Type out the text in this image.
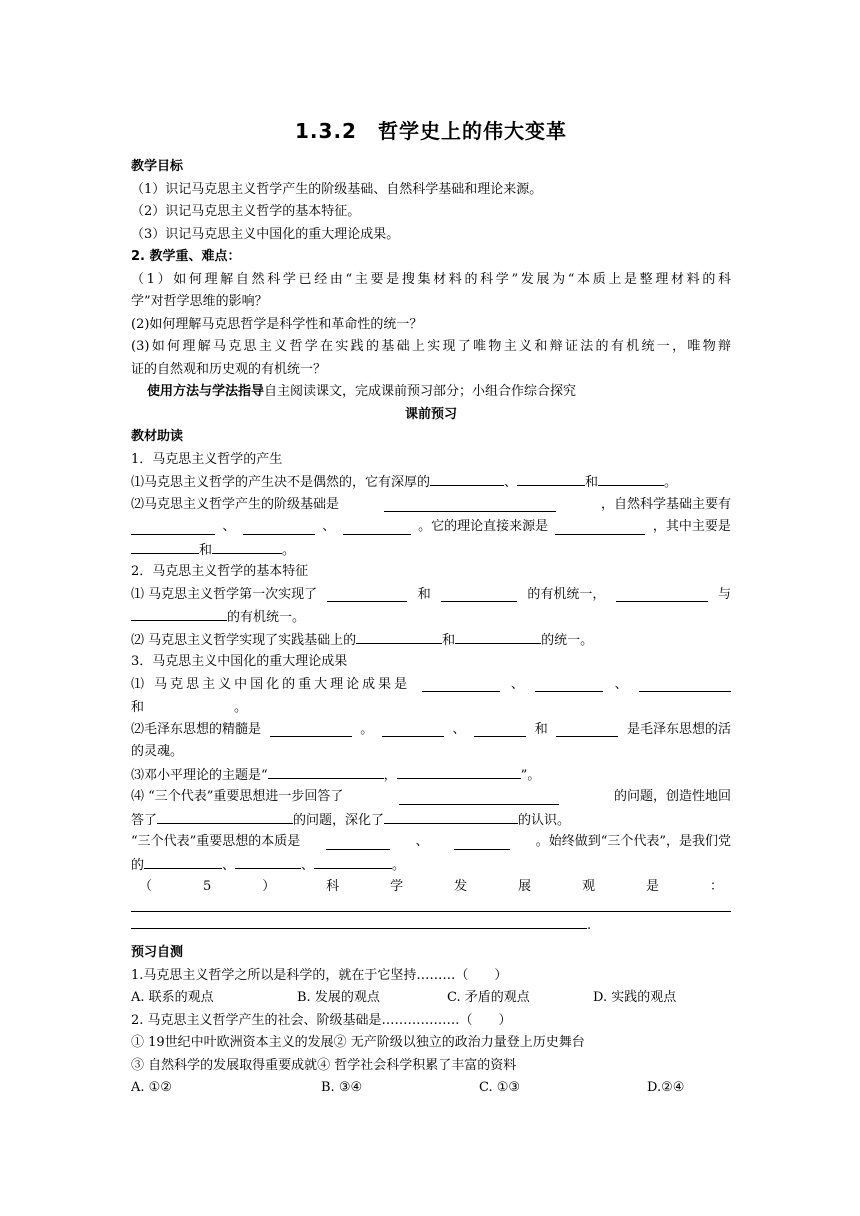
1.3.2　哲学史上的伟大变革
教学目标
（1）识记马克思主义哲学产生的阶级基础、自然科学基础和理论来源。
（2）识记马克思主义哲学的基本特征。
（3）识记马克思主义中国化的重大理论成果。
2. 教学重、难点：
（1）如何理解自然科学已经由“主要是搜集材料的科学”发展为“本质上是整理材料的科
学”对哲学思维的影响？
(2)如何理解马克思哲学是科学性和革命性的统一？
(3)如何理解马克思主义哲学在实践的基础上实现了唯物主义和辩证法的有机统一，唯物辩
证的自然观和历史观的有机统一？
使用方法与学法指导自主阅读课文，完成课前预习部分；小组合作综合探究
课前预习
教材助读
1．马克思主义哲学的产生
⑴马克思主义哲学的产生决不是偶然的，它有深厚的	、	和	。
⑵马克思主义哲学产生的阶级基础是	，自然科学基础主要有
、	、	。它的理论直接来源是	，其中主要是
和	。
2．马克思主义哲学的基本特征
⑴ 马克思主义哲学第一次实现了	和	的有机统一，	与
的有机统一。
⑵ 马克思主义哲学实现了实践基础上的	和	的统一。
3．马克思主义中国化的重大理论成果
⑴ 马克思主义中国化的重大理论成果是	、	、
和	。
⑵毛泽东思想的精髓是	。	、	和	是毛泽东思想的活
的灵魂。
⑶邓小平理论的主题是“	，	”。
⑷ “三个代表”重要思想进一步回答了	的问题，创造性地回
答了	的问题，深化了	的认识。
“三个代表”重要思想的本质是	、	。始终做到“三个代表”，是我们党
的	、	、	。
（	5	）	科	学	发	展	观	是	：
.
预习自测
1.马克思主义哲学之所以是科学的，就在于它坚持………（　　）
A. 联系的观点	B. 发展的观点	C. 矛盾的观点	D. 实践的观点
2. 马克思主义哲学产生的社会、阶级基础是………………（　　）
① 19世纪中叶欧洲资本主义的发展② 无产阶级以独立的政治力量登上历史舞台
③ 自然科学的发展取得重要成就④ 哲学社会科学积累了丰富的资料
A. ①②	B. ③④	C. ①③	D.②④
